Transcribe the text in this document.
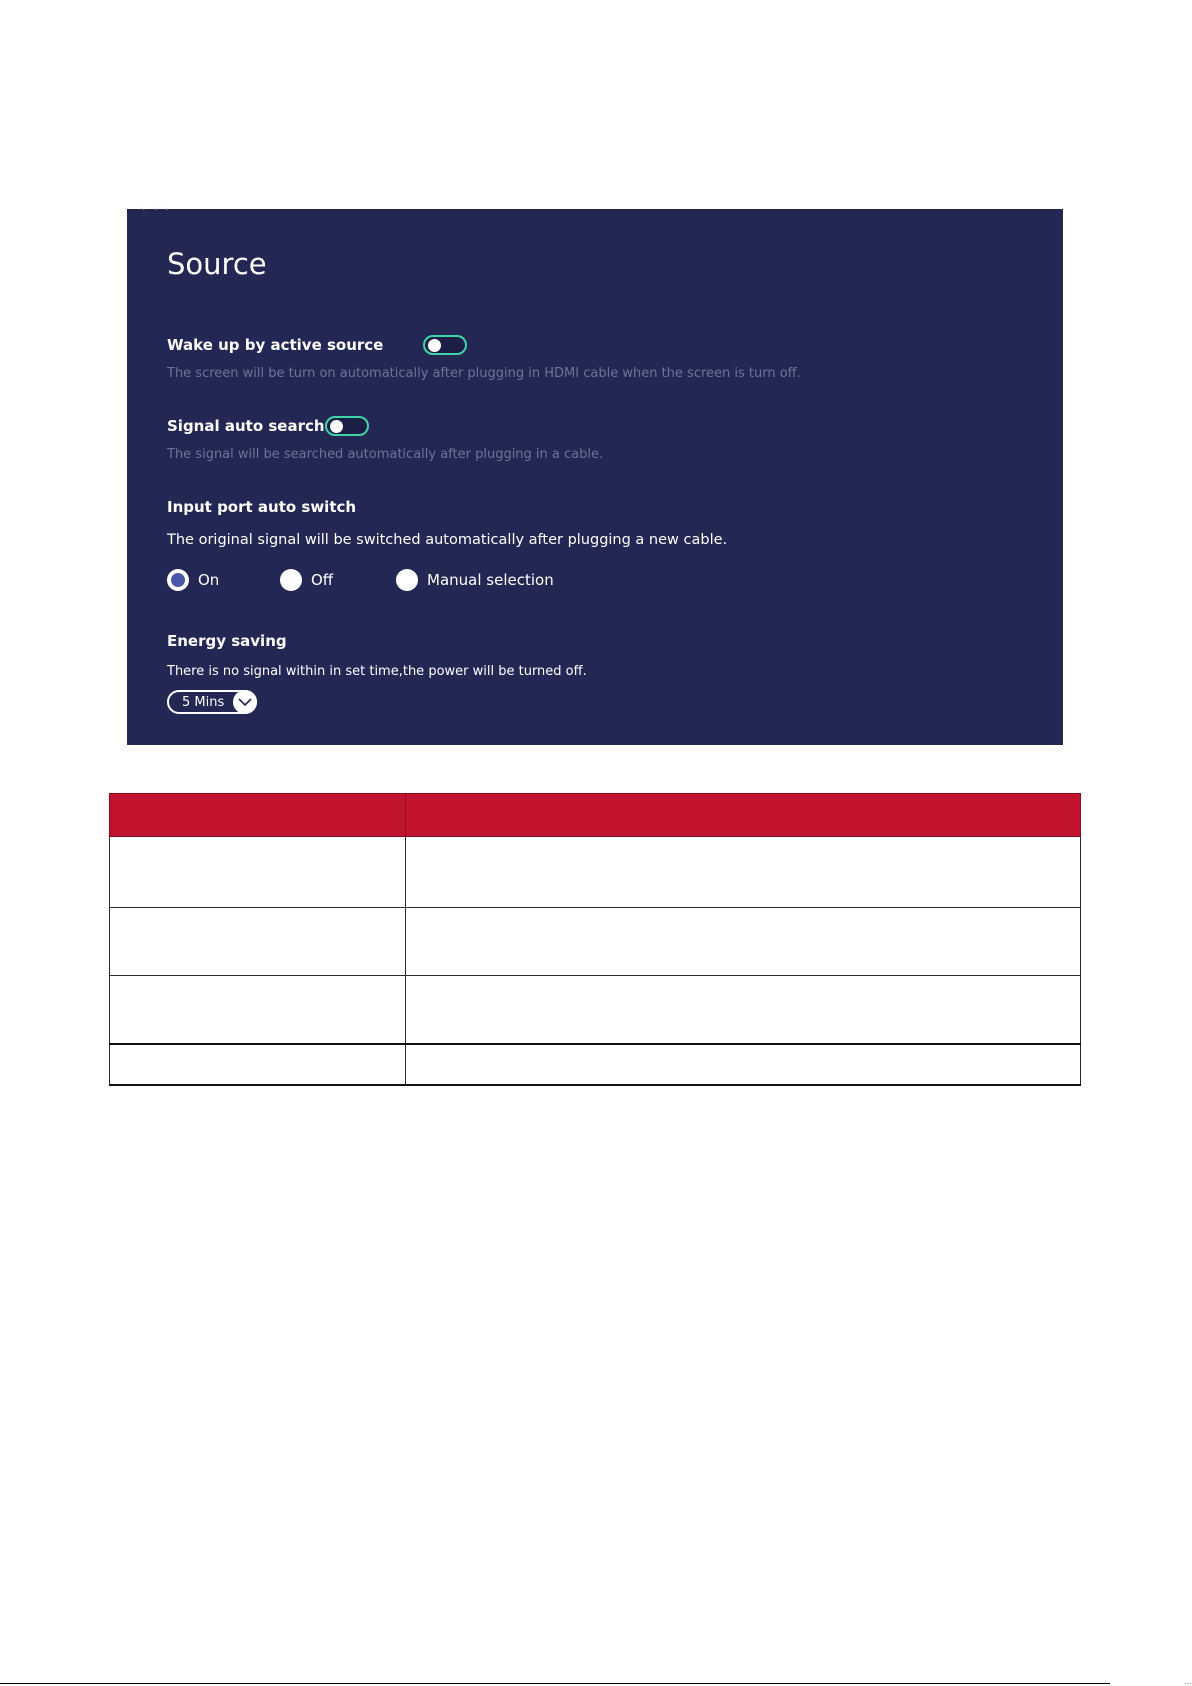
· · ·
Source
Wake up by active source
The screen will be turn on automatically after plugging in HDMI cable when the screen is turn off.
Signal auto search
The signal will be searched automatically after plugging in a cable.
Input port auto switch
The original signal will be switched automatically after plugging a new cable.
On	Off	Manual selection
Energy saving
There is no signal within in set time,the power will be turned off.
5 Mins

…
